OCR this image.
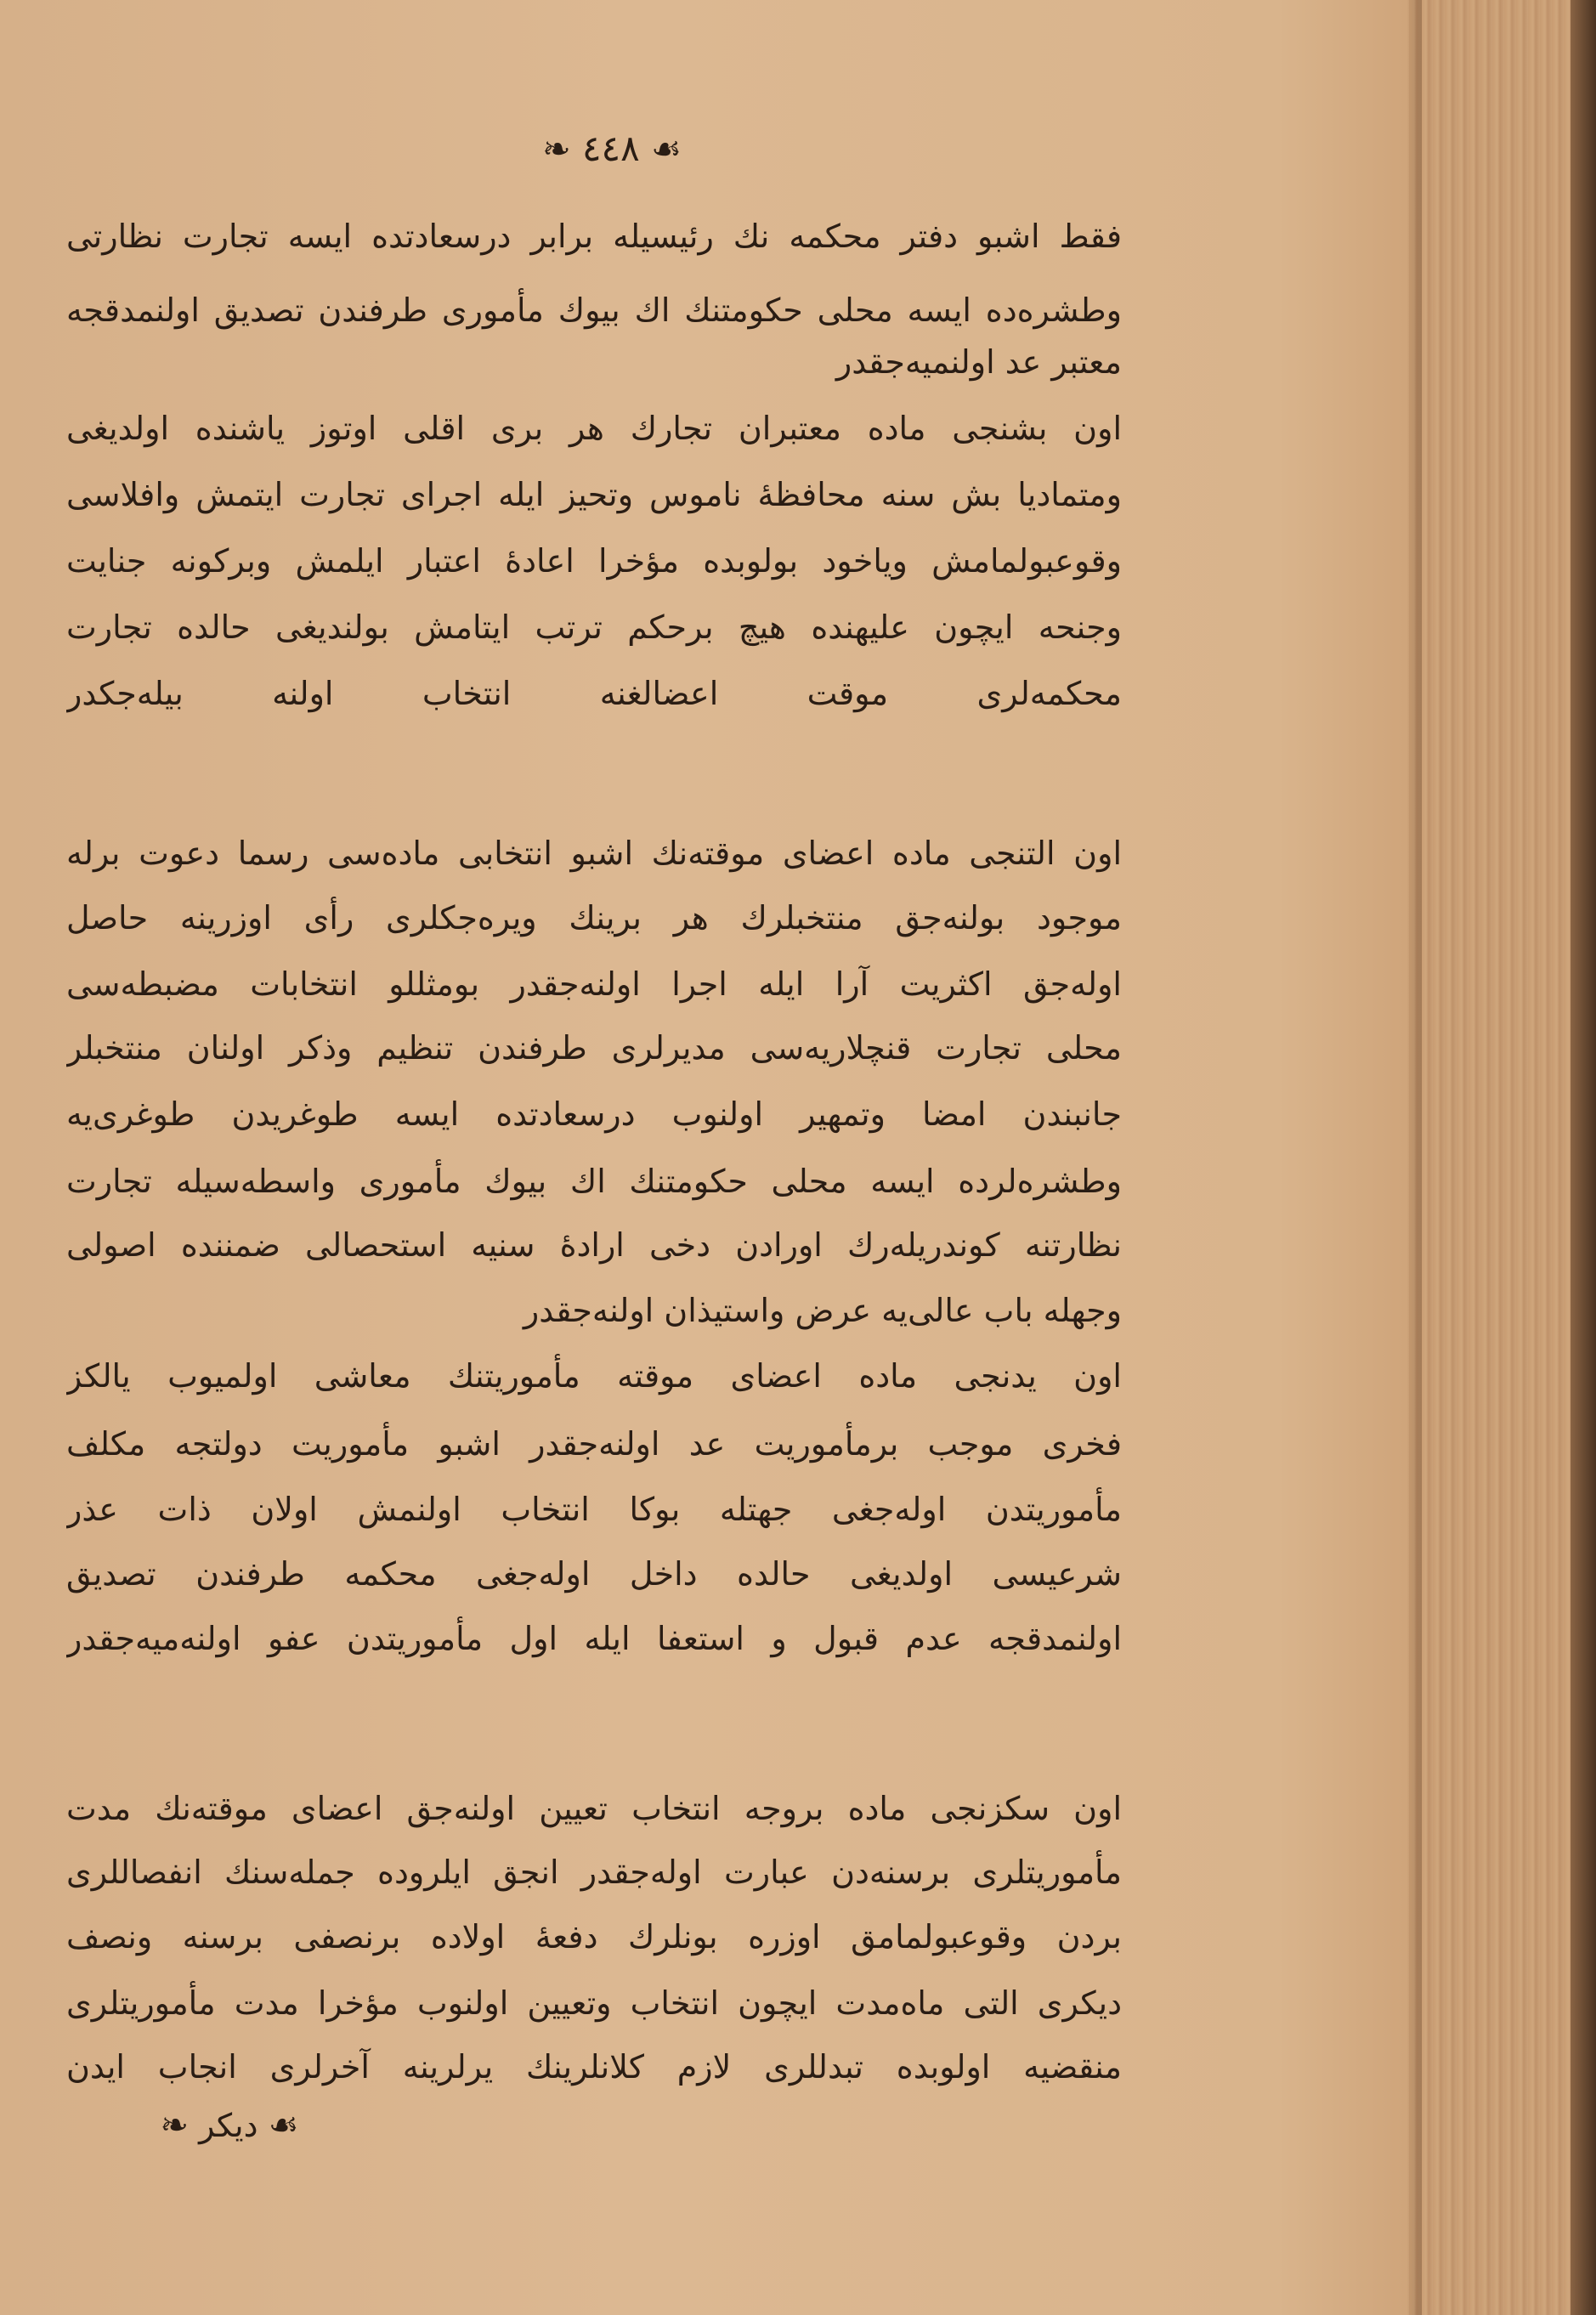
☙ ٤٤٨ ❧
فقط اشبو دفتر محكمه نك رئيسيله برابر درسعادتده ایسه تجارت نظارتی
وطشره‌ده ایسه محلی حكومتنك اك بیوك مأموری طرفندن تصدیق اولنمدقجه
معتبر عد اولنمیه‌جقدر
اون بشنجی ماده معتبران تجارك هر بری اقلی اوتوز یاشنده اولدیغی
ومتمادیا بش سنه محافظهٔ ناموس وتحیز ایله اجرای تجارت ایتمش وافلاسی
وقوعبولمامش ویاخود بولوبده مؤخرا اعادهٔ اعتبار ایلمش وبركونه جنایت
وجنحه ایچون علیهنده هیچ برحكم ترتب ایتامش بولندیغی حالده تجارت
محكمه‌لری موقت اعضالغنه انتخاب اولنه بیله‌جكدر
اون التنجی ماده اعضای موقته‌نك اشبو انتخابی ماده‌سی رسما دعوت برله
موجود بولنه‌جق منتخبلرك هر برینك ویره‌جكلری رأی اوزرینه حاصل
اوله‌جق اكثریت آرا ایله اجرا اولنه‌جقدر بومثللو انتخابات مضبطه‌سی
محلی تجارت قنچلاریه‌سی مدیرلری طرفندن تنظیم وذكر اولنان منتخبلر
جانبندن امضا وتمهیر اولنوب درسعادتده ایسه طوغریدن طوغری‌یه
وطشره‌لرده ایسه محلی حكومتنك اك بیوك مأموری واسطه‌سیله تجارت
نظارتنه كوندریله‌رك اورادن دخی ارادهٔ سنیه استحصالی ضمننده اصولی
وجهله باب عالی‌یه عرض واستیذان اولنه‌جقدر
اون یدنجی ماده اعضای موقته مأموریتنك معاشی اولمیوب یالكز
فخری موجب برمأموریت عد اولنه‌جقدر اشبو مأموریت دولتجه مكلف
مأموریتدن اوله‌جغی جهتله بوكا انتخاب اولنمش اولان ذات عذر
شرعیسی اولدیغی حالده داخل اوله‌جغی محكمه طرفندن تصدیق
اولنمدقجه عدم قبول و استعفا ایله اول مأموریتدن عفو اولنه‌میه‌جقدر
اون سكزنجی ماده بروجه انتخاب تعیین اولنه‌جق اعضای موقته‌نك مدت
مأموریتلری برسنه‌دن عبارت اوله‌جقدر انجق ایلروده جمله‌سنك انفصاللری
بردن وقوعبولمامق اوزره بونلرك دفعهٔ اولاده برنصفی برسنه ونصف
دیكری التی ماه‌مدت ایچون انتخاب وتعیین اولنوب مؤخرا مدت مأموریتلری
منقضیه اولوبده تبدللری لازم كلانلرینك یرلرینه آخرلری انجاب ایدن
☙ دیكر ❧
